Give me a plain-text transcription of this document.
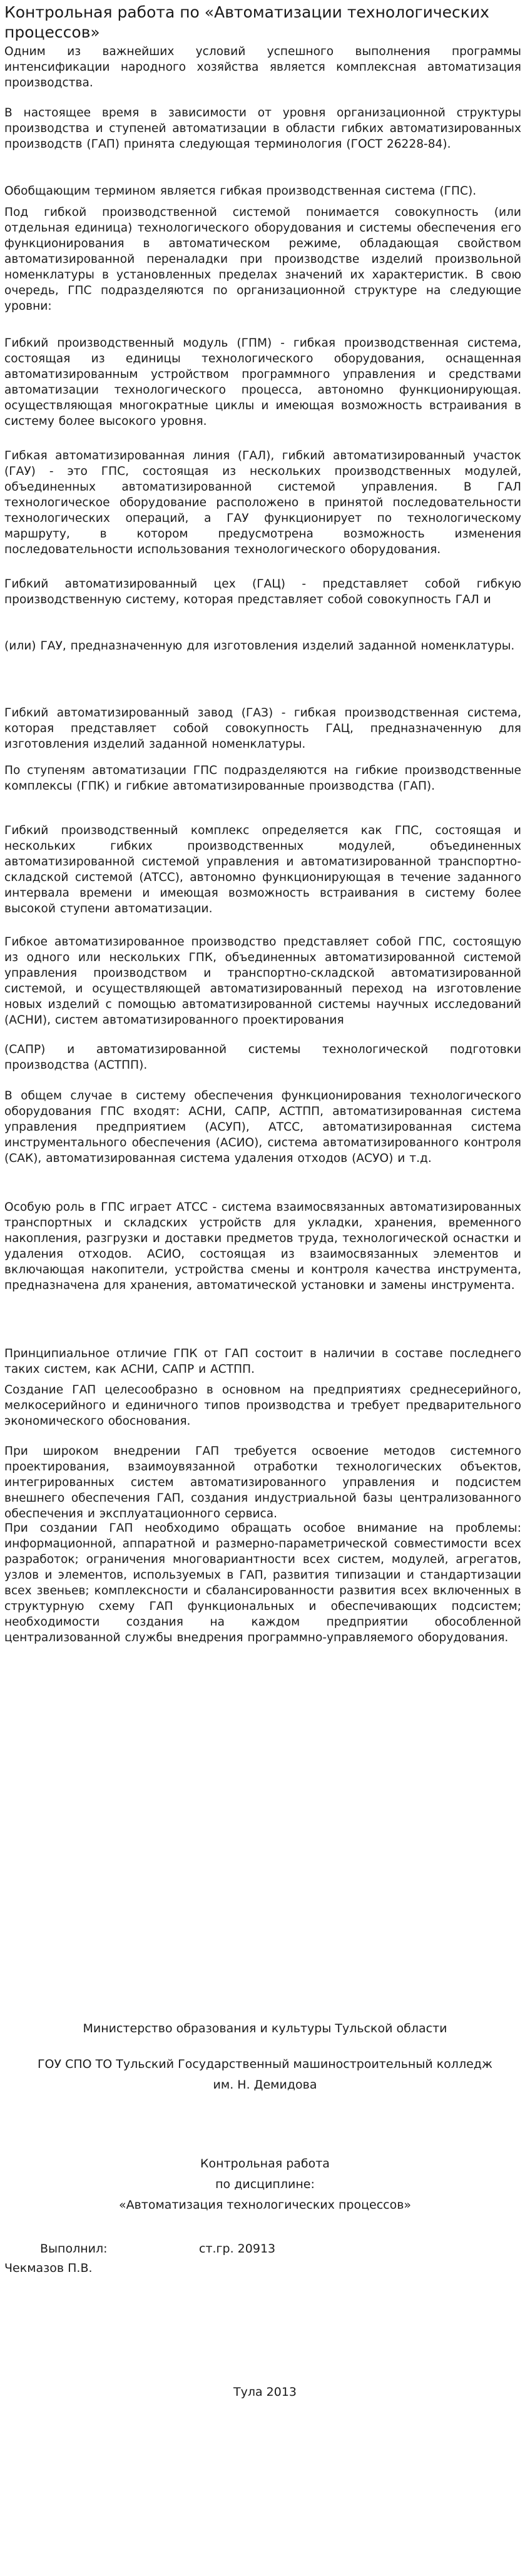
Контрольная работа по «Автоматизации технологических процессов»

Одним из важнейших условий успешного выполнения программы интенсификации народного хозяйства является комплексная автоматизация производства.

В настоящее время в зависимости от уровня организационной структуры производства и ступеней автоматизации в области гибких автоматизированных производств (ГАП) принята следующая терминология (ГОСТ 26228-84).

Обобщающим термином является гибкая производственная система (ГПС).

Под гибкой производственной системой понимается совокупность (или отдельная единица) технологического оборудования и системы обеспечения его функционирования в автоматическом режиме, обладающая свойством автоматизированной переналадки при производстве изделий произвольной номенклатуры в установленных пределах значений их характеристик. В свою очередь, ГПС подразделяются по организационной структуре на следующие уровни:

Гибкий производственный модуль (ГПМ) - гибкая производственная система, состоящая из единицы технологического оборудования, оснащенная автоматизированным устройством программного управления и средствами автоматизации технологического процесса, автономно функционирующая. осуществляющая многократные циклы и имеющая возможность встраивания в систему более высокого уровня.

Гибкая автоматизированная линия (ГАЛ), гибкий автоматизированный участок (ГАУ) - это ГПС, состоящая из нескольких производственных модулей, объединенных автоматизированной системой управления. В ГАЛ технологическое оборудование расположено в принятой последовательности технологических операций, а ГАУ функционирует по технологическому маршруту, в котором предусмотрена возможность изменения последовательности использования технологического оборудования.

Гибкий автоматизированный цех (ГАЦ) - представляет собой гибкую производственную систему, которая представляет собой совокупность ГАЛ и

(или) ГАУ, предназначенную для изготовления изделий заданной номенклатуры.

Гибкий автоматизированный завод (ГАЗ) - гибкая производственная система, которая представляет собой совокупность ГАЦ, предназначенную для изготовления изделий заданной номенклатуры.

По ступеням автоматизации ГПС подразделяются на гибкие производственные комплексы (ГПК) и гибкие автоматизированные производства (ГАП).

Гибкий производственный комплекс определяется как ГПС, состоящая и нескольких гибких производственных модулей, объединенных автоматизированной системой управления и автоматизированной транспортно-складской системой (АТСС), автономно функционирующая в течение заданного интервала времени и имеющая возможность встраивания в систему более высокой ступени автоматизации.

Гибкое автоматизированное производство представляет собой ГПС, состоящую из одного или нескольких ГПК, объединенных автоматизированной системой управления производством и транспортно-складской автоматизированной системой, и осуществляющей автоматизированный переход на изготовление новых изделий с помощью автоматизированной системы научных исследований (АСНИ), систем автоматизированного проектирования

(САПР) и автоматизированной системы технологической подготовки производства (АСТПП).

В общем случае в систему обеспечения функционирования технологического оборудования ГПС входят: АСНИ, САПР, АСТПП, автоматизированная система управления предприятием (АСУП), АТСС, автоматизированная система инструментального обеспечения (АСИО), система автоматизированного контроля (САК), автоматизированная система удаления отходов (АСУО) и т.д.

Особую роль в ГПС играет АТСС - система взаимосвязанных автоматизированных транспортных и складских устройств для укладки, хранения, временного накопления, разгрузки и доставки предметов труда, технологической оснастки и удаления отходов. АСИО, состоящая из взаимосвязанных элементов и включающая накопители, устройства смены и контроля качества инструмента, предназначена для хранения, автоматической установки и замены инструмента.

Принципиальное отличие ГПК от ГАП состоит в наличии в составе последнего таких систем, как АСНИ, САПР и АСТПП.

Создание ГАП целесообразно в основном на предприятиях среднесерийного, мелкосерийного и единичного типов производства и требует предварительного экономического обоснования.

При широком внедрении ГАП требуется освоение методов системного проектирования, взаимоувязанной отработки технологических объектов, интегрированных систем автоматизированного управления и подсистем внешнего обеспечения ГАП, создания индустриальной базы централизованного обеспечения и эксплуатационного сервиса.

При создании ГАП необходимо обращать особое внимание на проблемы: информационной, аппаратной и размерно-параметрической совместимости всех разработок; ограничения многовариантности всех систем, модулей, агрегатов, узлов и элементов, используемых в ГАП, развития типизации и стандартизации всех звеньев; комплексности и сбалансированности развития всех включенных в структурную схему ГАП функциональных и обеспечивающих подсистем; необходимости создания на каждом предприятии обособленной централизованной службы внедрения программно-управляемого оборудования.

Министерство образования и культуры Тульской области

ГОУ СПО ТО Тульский Государственный машиностроительный колледж

им. Н. Демидова

Контрольная работа

по дисциплине:

«Автоматизация технологических процессов»

Выполнил:	ст.гр. 20913

Чекмазов П.В.

Тула 2013
